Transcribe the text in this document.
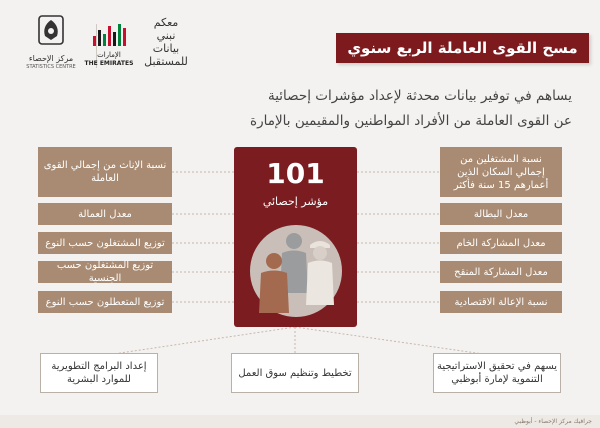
مركز الإحصاء
STATISTICS CENTRE
الإمارات
THE EMIRATES
معكم
نبني
بيانات
للمستقبل
مسح القوى العاملة الربع سنوي
يساهم في توفير بيانات محدثة لإعداد مؤشرات إحصائية
عن القوى العاملة من الأفراد المواطنين والمقيمين بالإمارة
نسبة الإناث من إجمالي القوى العاملة
معدل العمالة
توزيع المشتغلون حسب النوع
توزيع المشتغلون حسب الجنسية
توزيع المتعطلون حسب النوع
نسبة المشتغلين من إجمالي السكان الذين أعمارهم 15 سنة فأكثر
معدل البطالة
معدل المشاركة الخام
معدل المشاركة المنقح
نسبة الإعالة الاقتصادية
101
مؤشر إحصائي
إعداد البرامج التطويرية للموارد البشرية
تخطيط وتنظيم سوق العمل
يسهم في تحقيق الاستراتيجية التنموية لإمارة أبوظبي
جرافيك مركز الإحصاء - أبوظبي
